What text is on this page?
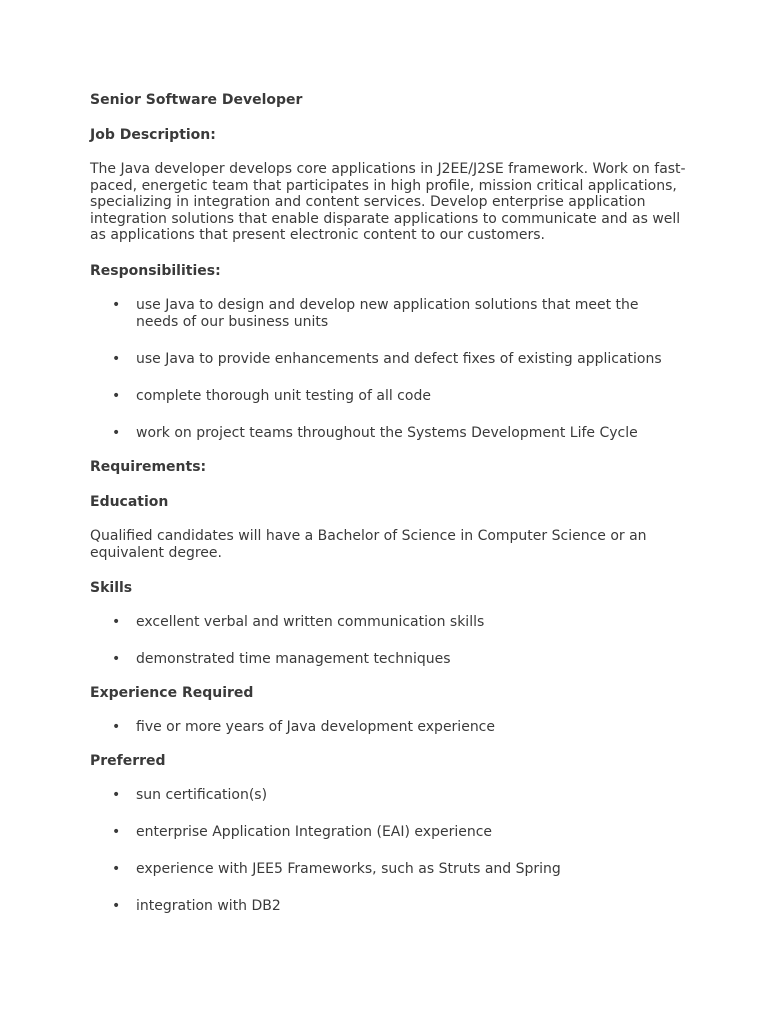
Senior Software Developer
Job Description:
The Java developer develops core applications in J2EE/J2SE framework. Work on fast-paced, energetic team that participates in high profile, mission critical applications, specializing in integration and content services. Develop enterprise application integration solutions that enable disparate applications to communicate and as well as applications that present electronic content to our customers.
Responsibilities:
• use Java to design and develop new application solutions that meet the needs of our business units
• use Java to provide enhancements and defect fixes of existing applications
• complete thorough unit testing of all code
• work on project teams throughout the Systems Development Life Cycle
Requirements:
Education
Qualified candidates will have a Bachelor of Science in Computer Science or an equivalent degree.
Skills
• excellent verbal and written communication skills
• demonstrated time management techniques
Experience Required
• five or more years of Java development experience
Preferred
• sun certification(s)
• enterprise Application Integration (EAI) experience
• experience with JEE5 Frameworks, such as Struts and Spring
• integration with DB2
